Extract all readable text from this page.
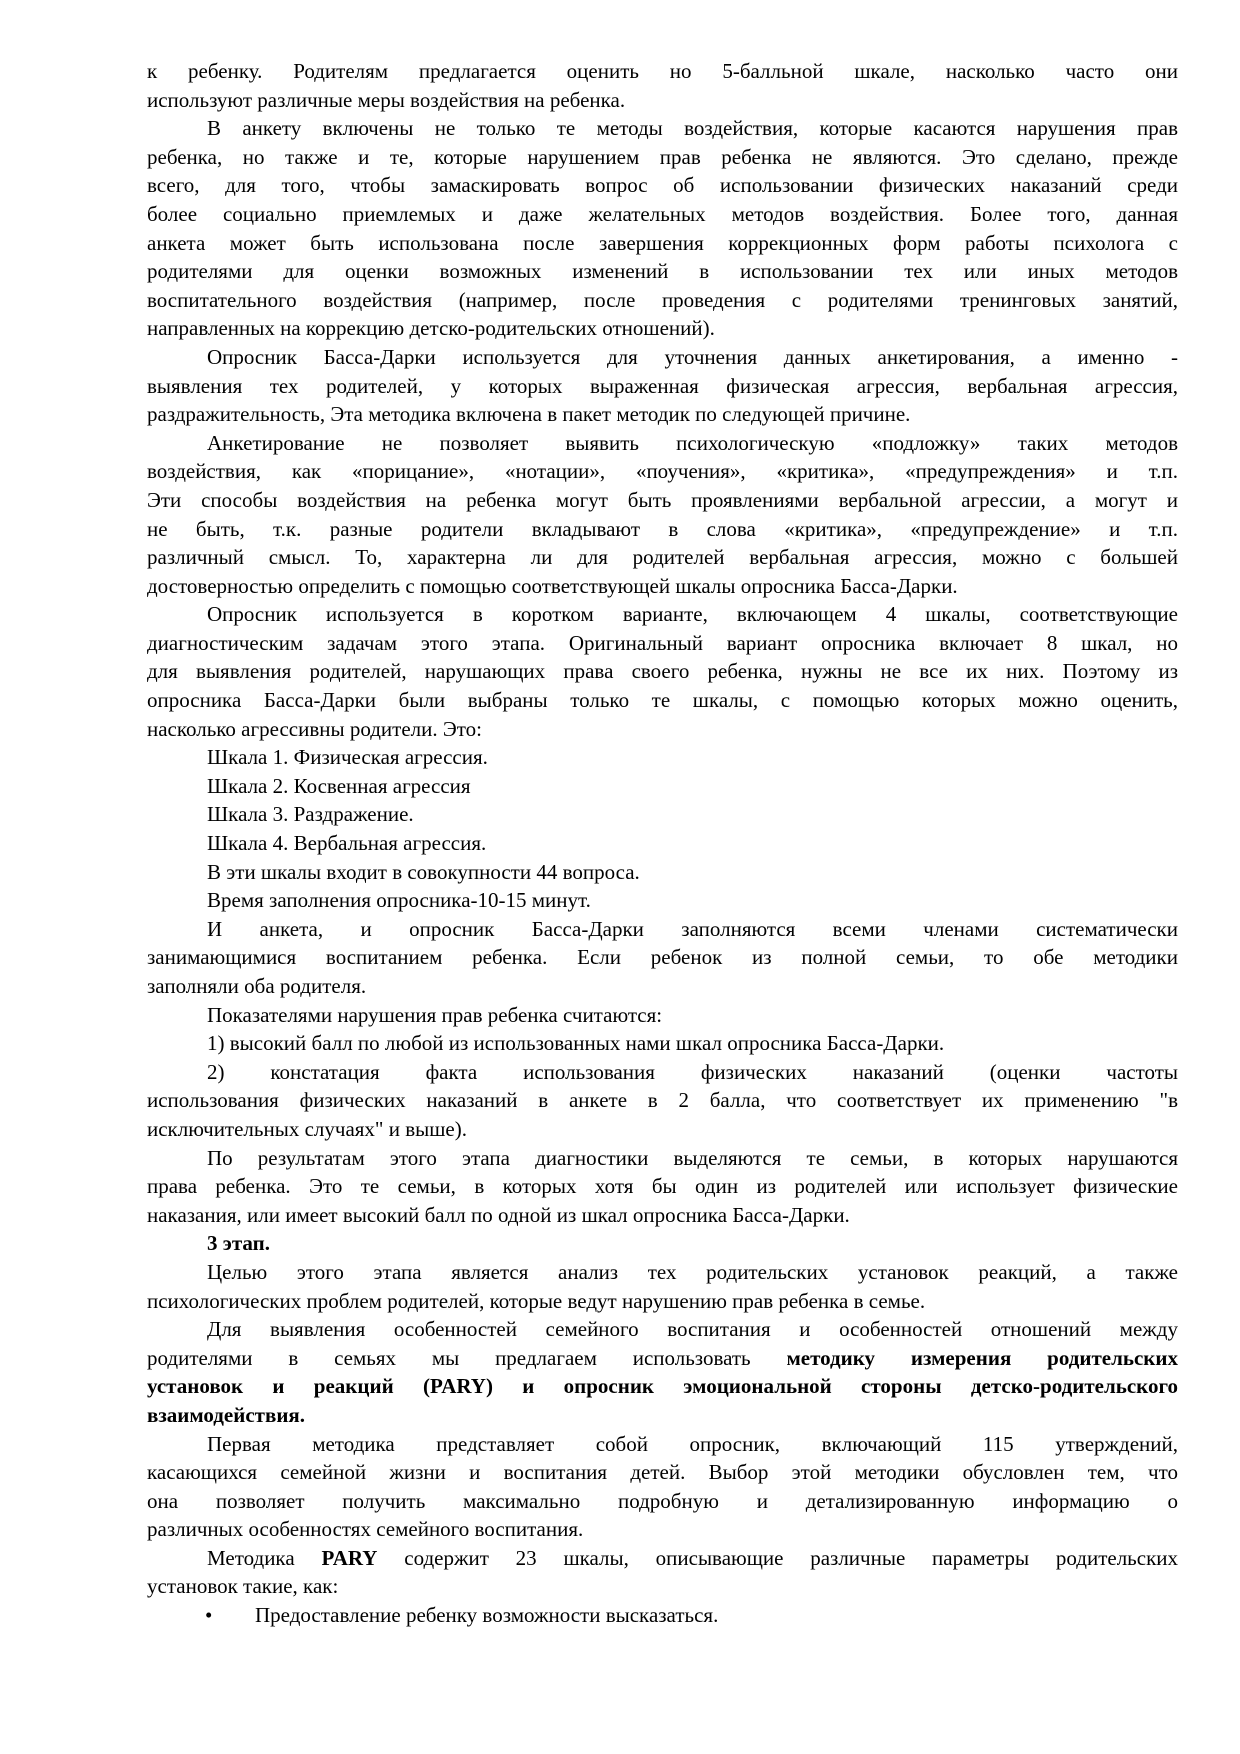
к ребенку. Родителям предлагается оценить но 5-балльной шкале, насколько часто они
используют различные меры воздействия на ребенка.
В анкету включены не только те методы воздействия, которые касаются нарушения прав
ребенка, но также и те, которые нарушением прав ребенка не являются. Это сделано, прежде
всего, для того, чтобы замаскировать вопрос об использовании физических наказаний среди
более социально приемлемых и даже желательных методов воздействия. Более того, данная
анкета может быть использована после завершения коррекционных форм работы психолога с
родителями для оценки возможных изменений в использовании тех или иных методов
воспитательного воздействия (например, после проведения с родителями тренинговых занятий,
направленных на коррекцию детско-родительских отношений).
Опросник Басса-Дарки используется для уточнения данных анкетирования, а именно -
выявления тех родителей, у которых выраженная физическая агрессия, вербальная агрессия,
раздражительность, Эта методика включена в пакет методик по следующей причине.
Анкетирование не позволяет выявить психологическую «подложку» таких методов
воздействия, как «порицание», «нотации», «поучения», «критика», «предупреждения» и т.п.
Эти способы воздействия на ребенка могут быть проявлениями вербальной агрессии, а могут и
не быть, т.к. разные родители вкладывают в слова «критика», «предупреждение» и т.п.
различный смысл. То, характерна ли для родителей вербальная агрессия, можно с большей
достоверностью определить с помощью соответствующей шкалы опросника Басса-Дарки.
Опросник используется в коротком варианте, включающем 4 шкалы, соответствующие
диагностическим задачам этого этапа. Оригинальный вариант опросника включает 8 шкал, но
для выявления родителей, нарушающих права своего ребенка, нужны не все их них. Поэтому из
опросника Басса-Дарки были выбраны только те шкалы, с помощью которых можно оценить,
насколько агрессивны родители. Это:
Шкала 1. Физическая агрессия.
Шкала 2. Косвенная агрессия
Шкала 3. Раздражение.
Шкала 4. Вербальная агрессия.
В эти шкалы входит в совокупности 44 вопроса.
Время заполнения опросника-10-15 минут.
И анкета, и опросник Басса-Дарки заполняются всеми членами систематически
занимающимися воспитанием ребенка. Если ребенок из полной семьи, то обе методики
заполняли оба родителя.
Показателями нарушения прав ребенка считаются:
1) высокий балл по любой из использованных нами шкал опросника Басса-Дарки.
2) констатация факта использования физических наказаний (оценки частоты
использования физических наказаний в анкете в 2 балла, что соответствует их применению "в
исключительных случаях" и выше).
По результатам этого этапа диагностики выделяются те семьи, в которых нарушаются
права ребенка. Это те семьи, в которых хотя бы один из родителей или использует физические
наказания, или имеет высокий балл по одной из шкал опросника Басса-Дарки.
3 этап.
Целью этого этапа является анализ тех родительских установок реакций, а также
психологических проблем родителей, которые ведут нарушению прав ребенка в семье.
Для выявления особенностей семейного воспитания и особенностей отношений между
родителями в семьях мы предлагаем использовать методику измерения родительских
установок и реакций (PARY) и опросник эмоциональной стороны детско-родительского
взаимодействия.
Первая методика представляет собой опросник, включающий 115 утверждений,
касающихся семейной жизни и воспитания детей. Выбор этой методики обусловлен тем, что
она позволяет получить максимально подробную и детализированную информацию о
различных особенностях семейного воспитания.
Методика PARY содержит 23 шкалы, описывающие различные параметры родительских
установок такие, как:
• Предоставление ребенку возможности высказаться.
